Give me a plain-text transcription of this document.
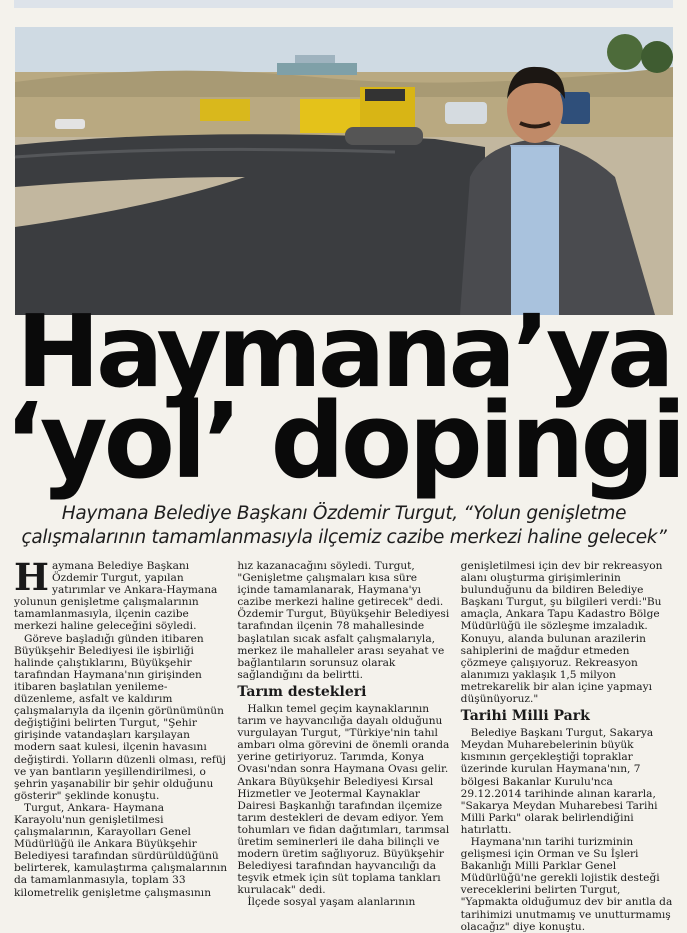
Haymana’ya
‘yol’ dopingi
Haymana Belediye Başkanı Özdemir Turgut, “Yolun genişletme çalışmalarının tamamlanmasıyla ilçemiz cazibe merkezi haline gelecek”

Haymana Belediye Başkanı Özdemir Turgut, yapılan yatırımlar ve Ankara-Haymana yolunun genişletme çalışmalarının tamamlanmasıyla, ilçenin cazibe merkezi haline geleceğini söyledi.

Göreve başladığı günden itibaren Büyükşehir Belediyesi ile işbirliği halinde çalıştıklarını, Büyükşehir tarafından Haymana'nın girişinden itibaren başlatılan yenileme-düzenleme, asfalt ve kaldırım çalışmalarıyla da ilçenin görünümünün değiştiğini belirten Turgut, "Şehir girişinde vatandaşları karşılayan modern saat kulesi, ilçenin havasını değiştirdi. Yolların düzenli olması, refüj ve yan bantların yeşillendirilmesi, o şehrin yaşanabilir bir şehir olduğunu gösterir" şeklinde konuştu.

Turgut, Ankara- Haymana Karayolu'nun genişletilmesi çalışmalarının, Karayolları Genel Müdürlüğü ile Ankara Büyükşehir Belediyesi tarafından sürdürüldüğünü belirterek, kamulaştırma çalışmalarının da tamamlanmasıyla, toplam 33 kilometrelik genişletme çalışmasının

hız kazanacağını söyledi. Turgut, "Genişletme çalışmaları kısa süre içinde tamamlanarak, Haymana'yı cazibe merkezi haline getirecek" dedi. Özdemir Turgut, Büyükşehir Belediyesi tarafından ilçenin 78 mahallesinde başlatılan sıcak asfalt çalışmalarıyla, merkez ile mahalleler arası seyahat ve bağlantıların sorunsuz olarak sağlandığını da belirtti.

Tarım destekleri

Halkın temel geçim kaynaklarının tarım ve hayvancılığa dayalı olduğunu vurgulayan Turgut, "Türkiye'nin tahıl ambarı olma görevini de önemli oranda yerine getiriyoruz. Tarımda, Konya Ovası'ndan sonra Haymana Ovası gelir. Ankara Büyükşehir Belediyesi Kırsal Hizmetler ve Jeotermal Kaynaklar Dairesi Başkanlığı tarafından ilçemize tarım destekleri de devam ediyor. Yem tohumları ve fidan dağıtımları, tarımsal üretim seminerleri ile daha bilinçli ve modern üretim sağlıyoruz. Büyükşehir Belediyesi tarafından hayvancılığı da teşvik etmek için süt toplama tankları kurulacak" dedi.

İlçede sosyal yaşam alanlarının

genişletilmesi için dev bir rekreasyon alanı oluşturma girişimlerinin bulunduğunu da bildiren Belediye Başkanı Turgut, şu bilgileri verdi:"Bu amaçla, Ankara Tapu Kadastro Bölge Müdürlüğü ile sözleşme imzaladık. Konuyu, alanda bulunan arazilerin sahiplerini de mağdur etmeden çözmeye çalışıyoruz. Rekreasyon alanımızı yaklaşık 1,5 milyon metrekarelik bir alan içine yapmayı düşünüyoruz."

Tarihi Milli Park

Belediye Başkanı Turgut, Sakarya Meydan Muharebelerinin büyük kısmının gerçekleştiği topraklar üzerinde kurulan Haymana'nın, 7 bölgesi Bakanlar Kurulu'nca 29.12.2014 tarihinde alınan kararla, "Sakarya Meydan Muharebesi Tarihi Milli Parkı" olarak belirlendiğini hatırlattı.

Haymana'nın tarihi turizminin gelişmesi için Orman ve Su İşleri Bakanlığı Milli Parklar Genel Müdürlüğü'ne gerekli lojistik desteği vereceklerini belirten Turgut, "Yapmakta olduğumuz dev bir anıtla da tarihimizi unutmamış ve unutturmamış olacağız" diye konuştu.
